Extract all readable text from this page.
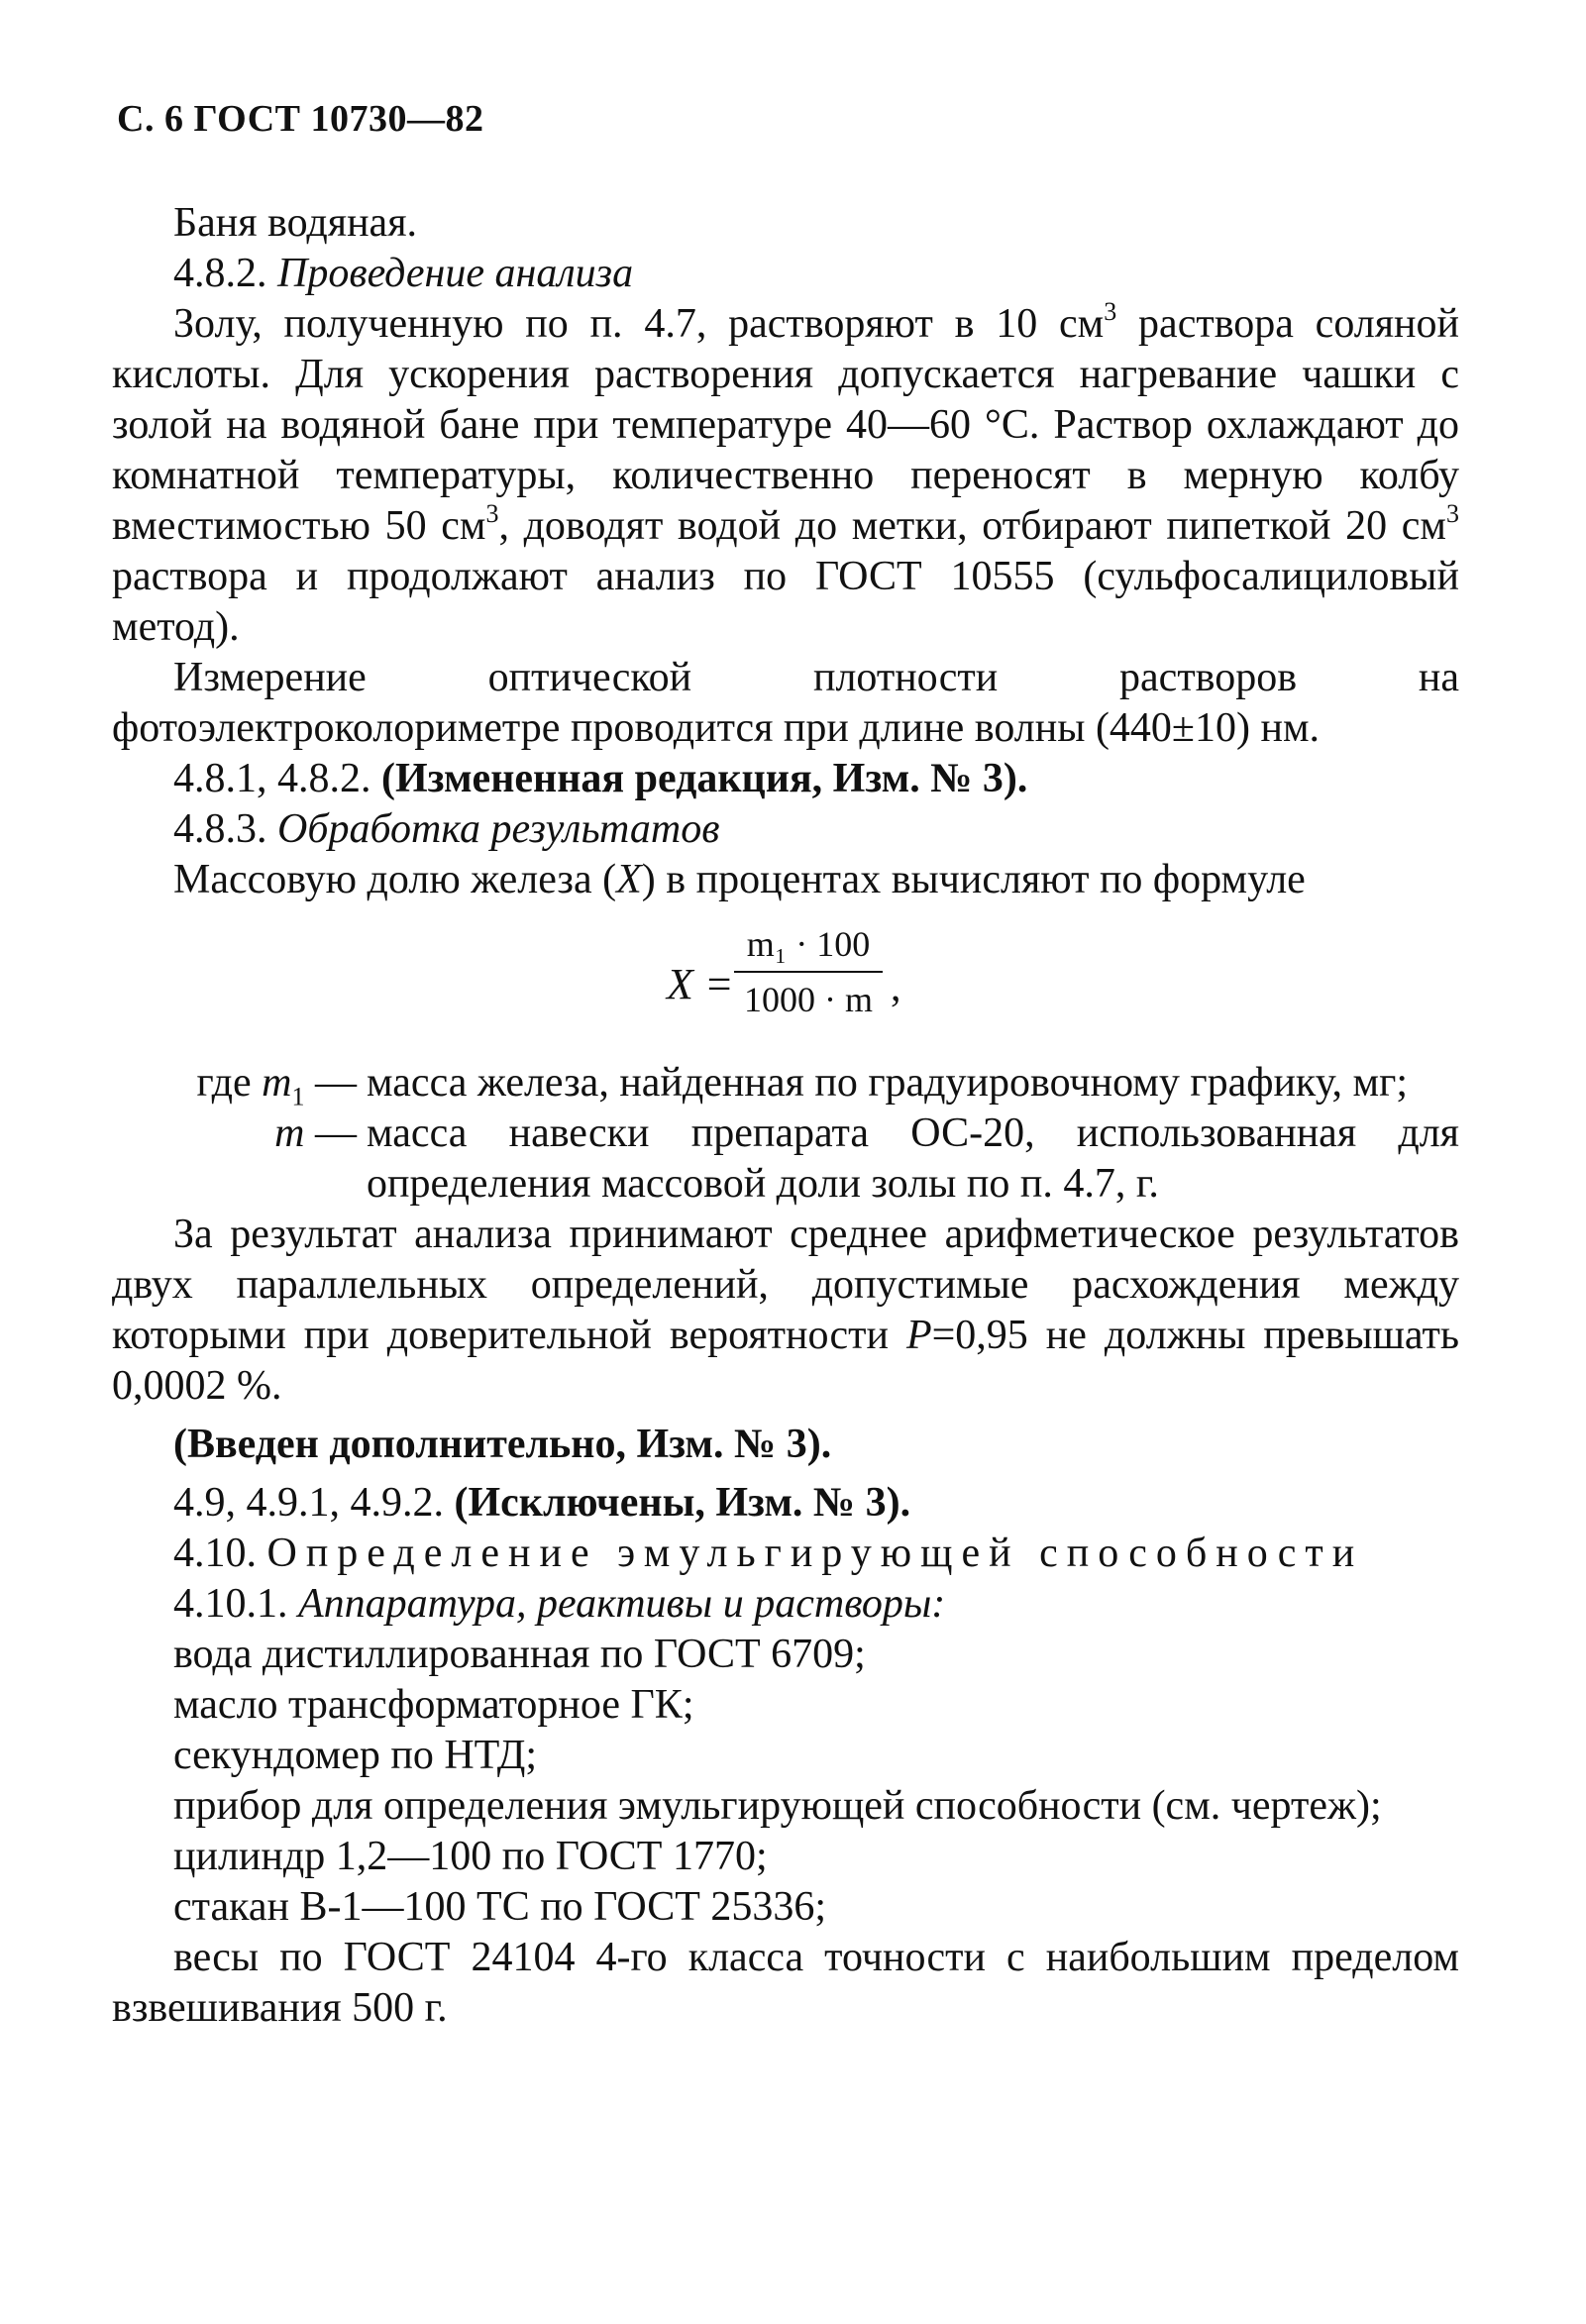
С. 6 ГОСТ 10730—82

Баня водяная.

4.8.2. Проведение анализа

Золу, полученную по п. 4.7, растворяют в 10 $см^3$ раствора соляной кислоты. Для ускорения растворения допускается нагревание чашки с золой на водяной бане при температуре 40—60 °С. Раствор охлаждают до комнатной температуры, количественно переносят в мерную колбу вместимостью 50 $см^3$, доводят водой до метки, отбирают пипеткой 20 $см^3$ раствора и продолжают анализ по ГОСТ 10555 (сульфосалициловый метод).

Измерение оптической плотности растворов на фотоэлектроколориметре проводится при длине волны (440±10) нм.

4.8.1, 4.8.2. (Измененная редакция, Изм. № 3).

4.8.3. Обработка результатов

Массовую долю железа (X) в процентах вычисляют по формуле

X =
m₁ · 100
1000 · m ,
где $m_1$ — масса железа, найденная по градуировочному графику, мг;
m — масса навески препарата ОС-20, использованная для определения массовой доли золы по п. 4.7, г.

За результат анализа принимают среднее арифметическое результатов двух параллельных определений, допустимые расхождения между которыми при доверительной вероятности P=0,95 не должны превышать 0,0002 %.

(Введен дополнительно, Изм. № 3).

4.9, 4.9.1, 4.9.2. (Исключены, Изм. № 3).

4.10. Определение эмульгирующей способности

4.10.1. Аппаратура, реактивы и растворы:

вода дистиллированная по ГОСТ 6709;

масло трансформаторное ГК;

секундомер по НТД;

прибор для определения эмульгирующей способности (см. чертеж);

цилиндр 1,2—100 по ГОСТ 1770;

стакан В-1—100 ТС по ГОСТ 25336;

весы по ГОСТ 24104 4-го класса точности с наибольшим пределом взвешивания 500 г.
